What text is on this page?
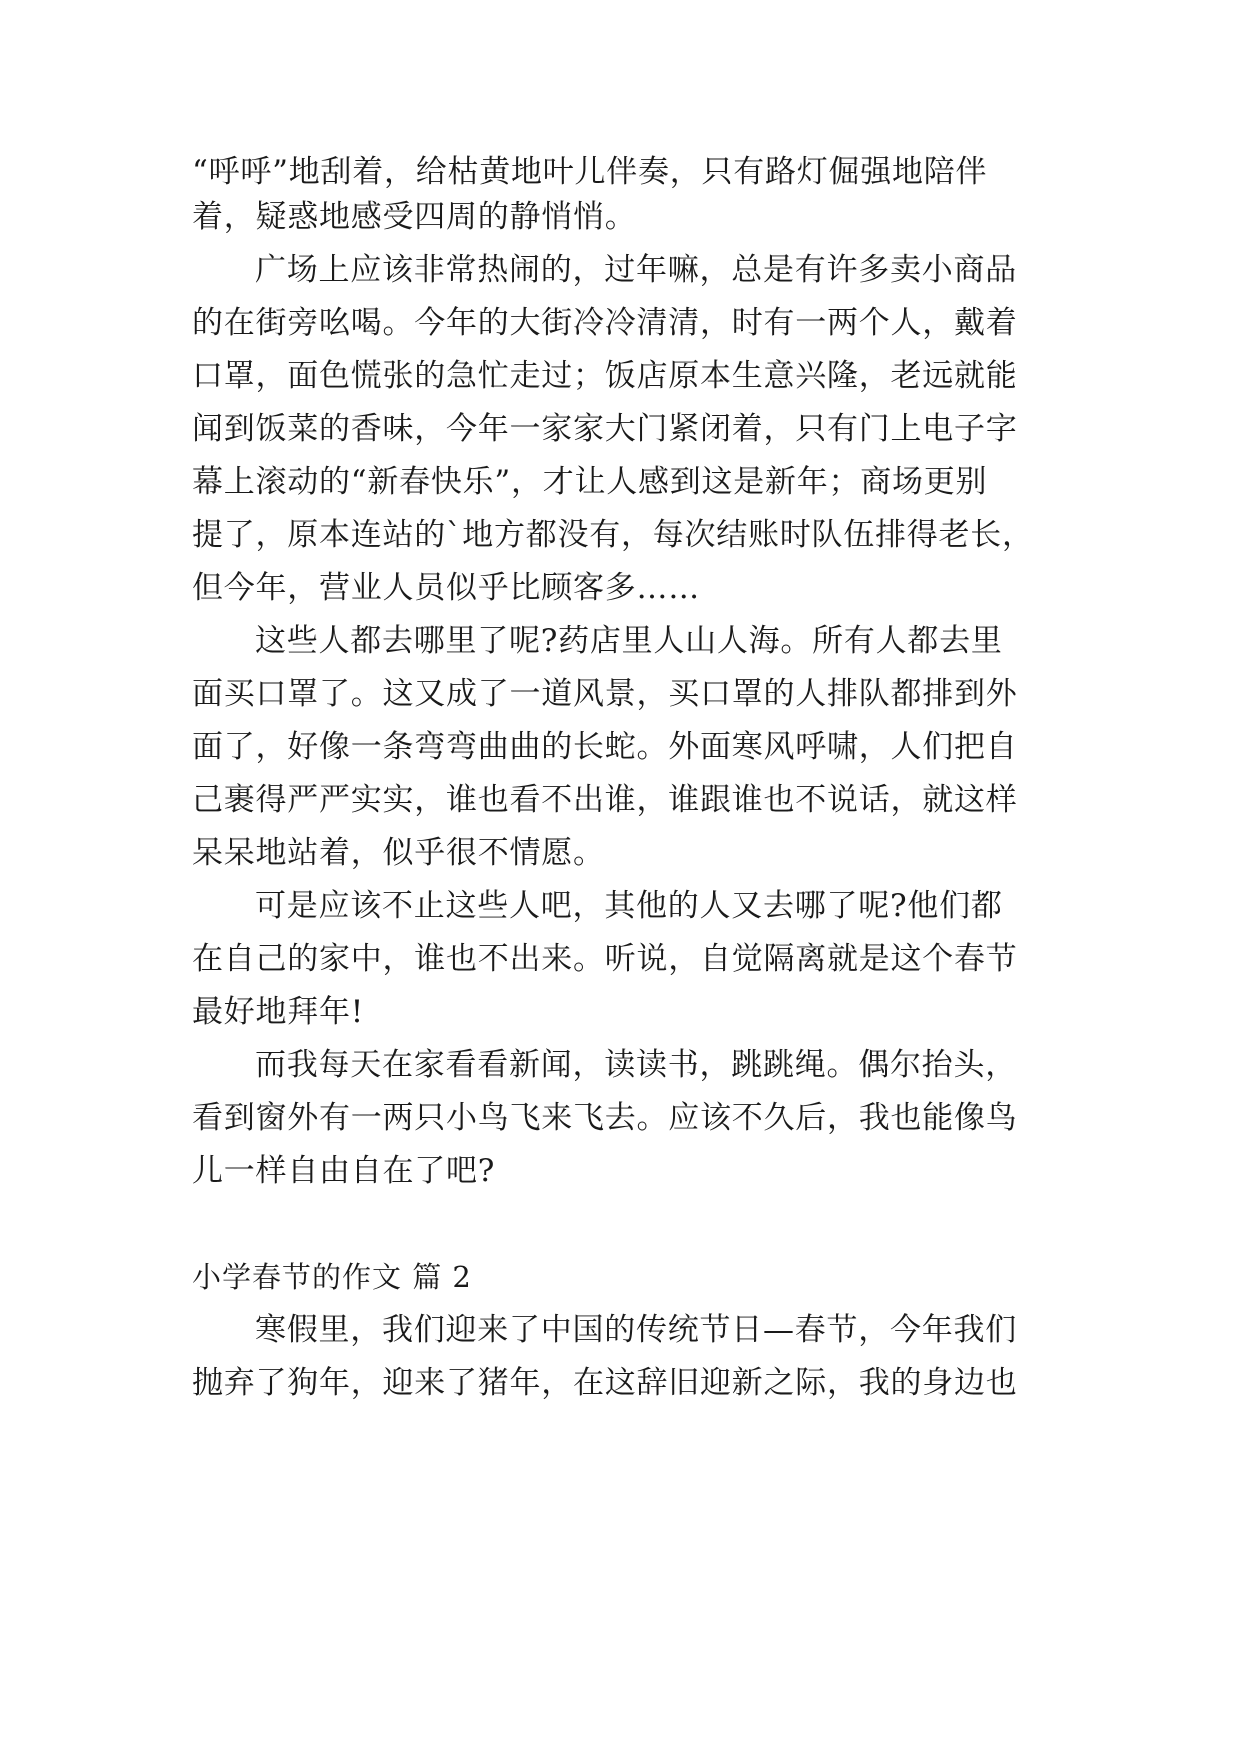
“呼呼”地刮着，给枯黄地叶儿伴奏，只有路灯倔强地陪伴
着，疑惑地感受四周的静悄悄。
广场上应该非常热闹的，过年嘛，总是有许多卖小商品
的在街旁吆喝。今年的大街冷冷清清，时有一两个人，戴着
口罩，面色慌张的急忙走过；饭店原本生意兴隆，老远就能
闻到饭菜的香味，今年一家家大门紧闭着，只有门上电子字
幕上滚动的“新春快乐”，才让人感到这是新年；商场更别
提了，原本连站的`地方都没有，每次结账时队伍排得老长，
但今年，营业人员似乎比顾客多……
这些人都去哪里了呢?药店里人山人海。所有人都去里
面买口罩了。这又成了一道风景，买口罩的人排队都排到外
面了，好像一条弯弯曲曲的长蛇。外面寒风呼啸，人们把自
己裹得严严实实，谁也看不出谁，谁跟谁也不说话，就这样
呆呆地站着，似乎很不情愿。
可是应该不止这些人吧，其他的人又去哪了呢?他们都
在自己的家中，谁也不出来。听说，自觉隔离就是这个春节
最好地拜年!
而我每天在家看看新闻，读读书，跳跳绳。偶尔抬头，
看到窗外有一两只小鸟飞来飞去。应该不久后，我也能像鸟
儿一样自由自在了吧?
小学春节的作文 篇 2
寒假里，我们迎来了中国的传统节日—春节，今年我们
抛弃了狗年，迎来了猪年，在这辞旧迎新之际，我的身边也
